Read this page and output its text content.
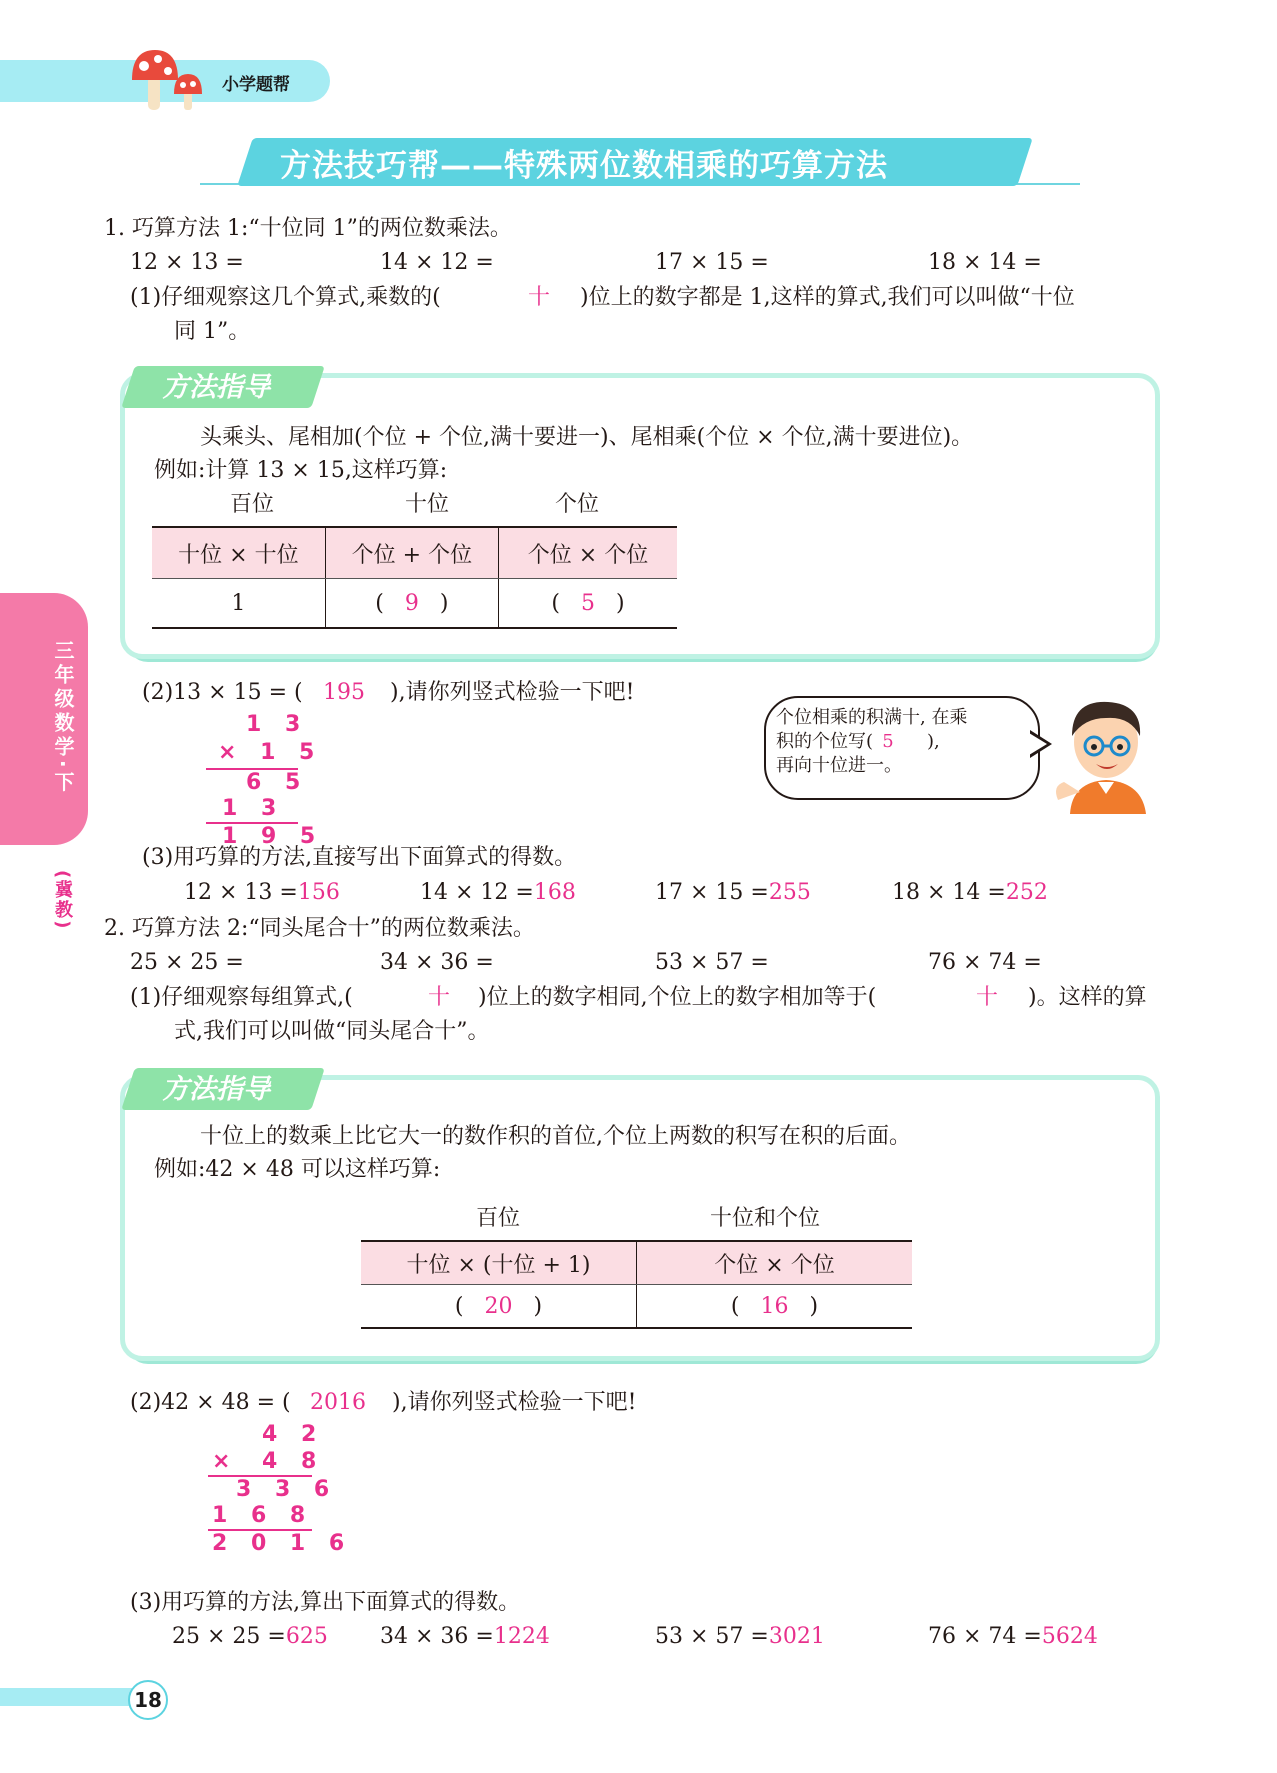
小学题帮
方法技巧帮——特殊两位数相乘的巧算方法
三年级数学·下
(冀教)
1. 巧算方法 1:“十位同 1”的两位数乘法。
12 × 13 =	14 × 12 =	17 × 15 =	18 × 14 =
(1)仔细观察这几个算式,乘数的(	十 )位上的数字都是 1,这样的算式,我们可以叫做“十位
同 1”。
方法指导
头乘头、尾相加(个位 + 个位,满十要进一)、尾相乘(个位 × 个位,满十要进位)。
例如:计算 13 × 15,这样巧算:
百位	十位	个位
十位 × 十位	个位 + 个位	个位 × 个位
1	( 9 )	( 5 )
(2)13 × 15 = ( 195 ),请你列竖式检验一下吧!
1 3
× 1 5
6 5
1 3
1 9 5
个位相乘的积满十, 在乘
积的个位写( 5 ),
再向十位进一。
(3)用巧算的方法,直接写出下面算式的得数。
12 × 13 =156	14 × 12 =168	17 × 15 =255	18 × 14 =252
2. 巧算方法 2:“同头尾合十”的两位数乘法。
25 × 25 =	34 × 36 =	53 × 57 =	76 × 74 =
(1)仔细观察每组算式,(	十 )位上的数字相同,个位上的数字相加等于(	十 )。这样的算
式,我们可以叫做“同头尾合十”。
方法指导
十位上的数乘上比它大一的数作积的首位,个位上两数的积写在积的后面。
例如:42 × 48 可以这样巧算:
百位	十位和个位
十位 × (十位 + 1)	个位 × 个位
( 20 )	( 16 )
(2)42 × 48 = ( 2016 ),请你列竖式检验一下吧!
4 2
× 4 8
3 3 6
1 6 8
2 0 1 6
(3)用巧算的方法,算出下面算式的得数。
25 × 25 =625 34 × 36 =1224	53 × 57 =3021	76 × 74 =5624
18
